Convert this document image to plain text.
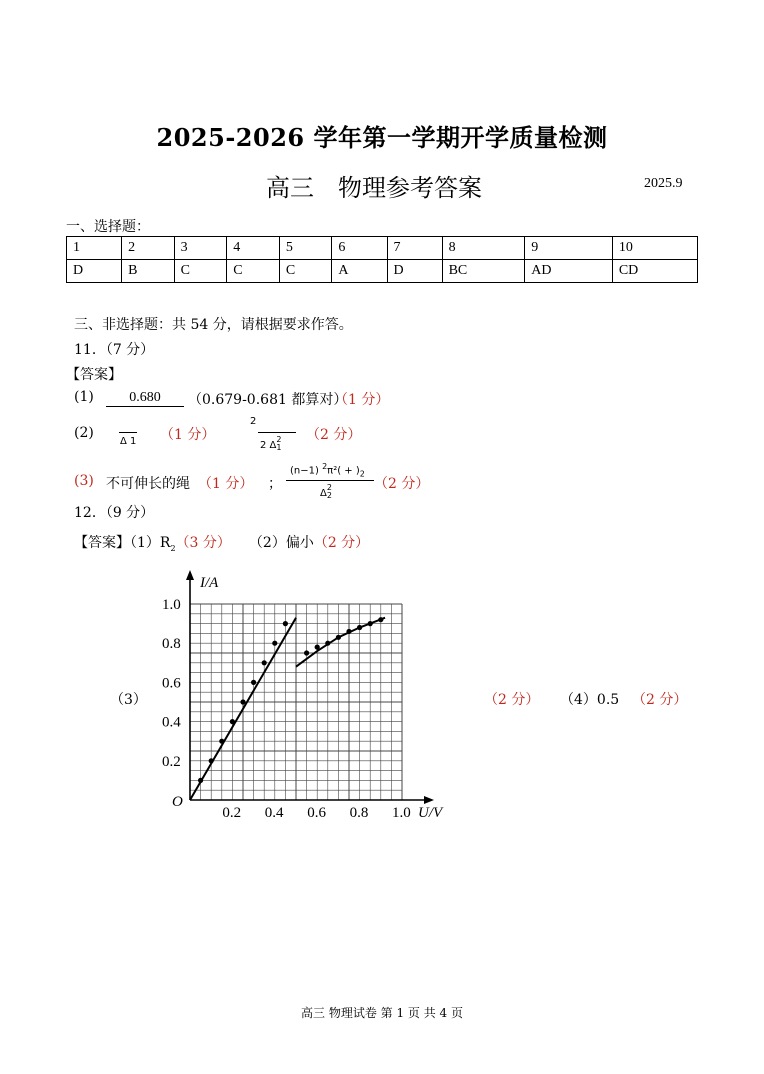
2025-2026 学年第一学期开学质量检测
高三　物理参考答案	2025.9
一、选择题：
1	2	3	4	5	6	7	8	9	10
D	B	C	C	C	A	D	BC	AD	CD
三、非选择题：共 54 分，请根据要求作答。
11．（7 分）
【答案】
(1)	0.680	（0.679-0.681 都算对）
（1 分）
(2)
Δ 1 （1 分）
2
2 Δ
2
1
（2 分）
(3) 不可伸长的绳 （1 分） ；
(n−1) $^2\pi^2( + )_2$
Δ
2
2
（2 分）
12．（9 分）
【答案】$(1)R_2(3$ 分） （2）偏小（2 分）
（3）	（2 分） （4）0.5 （2 分）
0.2 0.4 0.6 0.8 1.0
0.2
0.4
0.6
0.8
1.0
I/A
U/V
O
高三 物理试卷 第 1 页 共 4 页
